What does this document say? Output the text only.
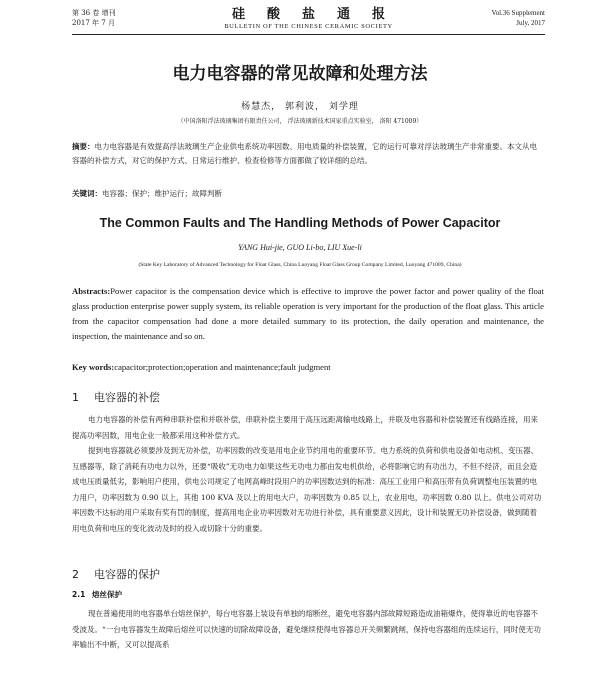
第 36 卷 增刊
2017 年 7 月
硅酸盐通报
BULLETIN OF THE CHINESE CERAMIC SOCIETY
Vol.36 Supplement
July, 2017
电力电容器的常见故障和处理方法
杨慧杰， 郭利波， 刘学理
（中国洛阳浮法玻璃集团有限责任公司， 浮法玻璃新技术国家重点实验室， 洛阳 471009）
摘要：电力电容器是有效提高浮法玻璃生产企业供电系统功率因数、用电质量的补偿装置，它的运行可靠对浮法玻璃生产非常重要。本文从电容器的补偿方式，对它的保护方式、日常运行维护、检查检修等方面都做了较详细的总结。
关键词：电容器；保护；维护运行；故障判断
The Common Faults and The Handling Methods of Power Capacitor
YANG Hui-jie, GUO Li-bo, LIU Xue-li
(State Key Laboratory of Advanced Technology for Float Glass, China Luoyang Float Glass Group Company Limited, Luoyang 471009, China)
Abstracts:Power capacitor is the compensation device which is effective to improve the power factor and power quality of the float glass production enterprise power supply system, its reliable operation is very important for the production of the float glass. This article from the capacitor compensation had done a more detailed summary to its protection, the daily operation and maintenance, the inspection, the maintenance and so on.
Key words:capacitor;protection;operation and maintenance;fault judgment
1 电容器的补偿
电力电容器的补偿有两种串联补偿和并联补偿，串联补偿主要用于高压远距离输电线路上，并联及电容器和补偿装置还有线路连接，用来提高功率因数，用电企业一般都采用这种补偿方式。
提到电容器就必须要涉及到无功补偿，功率因数的改变是用电企业节约用电的重要环节。电力系统的负荷和供电设备如电动机、变压器、互感器等，除了消耗有功电力以外，还要“吸收”无功电力如果这些无功电力都由发电机供给，必将影响它的有功出力，不但不经济，而且会造成电压质量低劣，影响用户使用，供电公司规定了电网高峰时段用户的功率因数达到的标准：高压工业用户和高压带有负荷调整电压装置的电力用户，功率因数为 0.90 以上，其他 100 KVA 及以上的用电大户，功率因数为 0.85 以上，农业用电，功率因数 0.80 以上。供电公司对功率因数不达标的用户采取有奖有罚的制度，提高用电企业功率因数对无功进行补偿，具有重要意义因此，设计和装置无功补偿设备，做到随着用电负荷和电压的变化波动及时的投入或切除十分的重要。
2 电容器的保护
2.1 熔丝保护
现在普遍使用的电容器单台熔丝保护，每台电容器上装设有单独的熔断丝，避免电容器内部故障短路造成油箱爆炸，使得靠近的电容器不受波及。“一台电容器发生故障后熔丝可以快速的切除故障设备，避免继续使得电容器总开关频繁跳闸，保持电容器组的连续运行，同时使无功率输出不中断，又可以提高系
